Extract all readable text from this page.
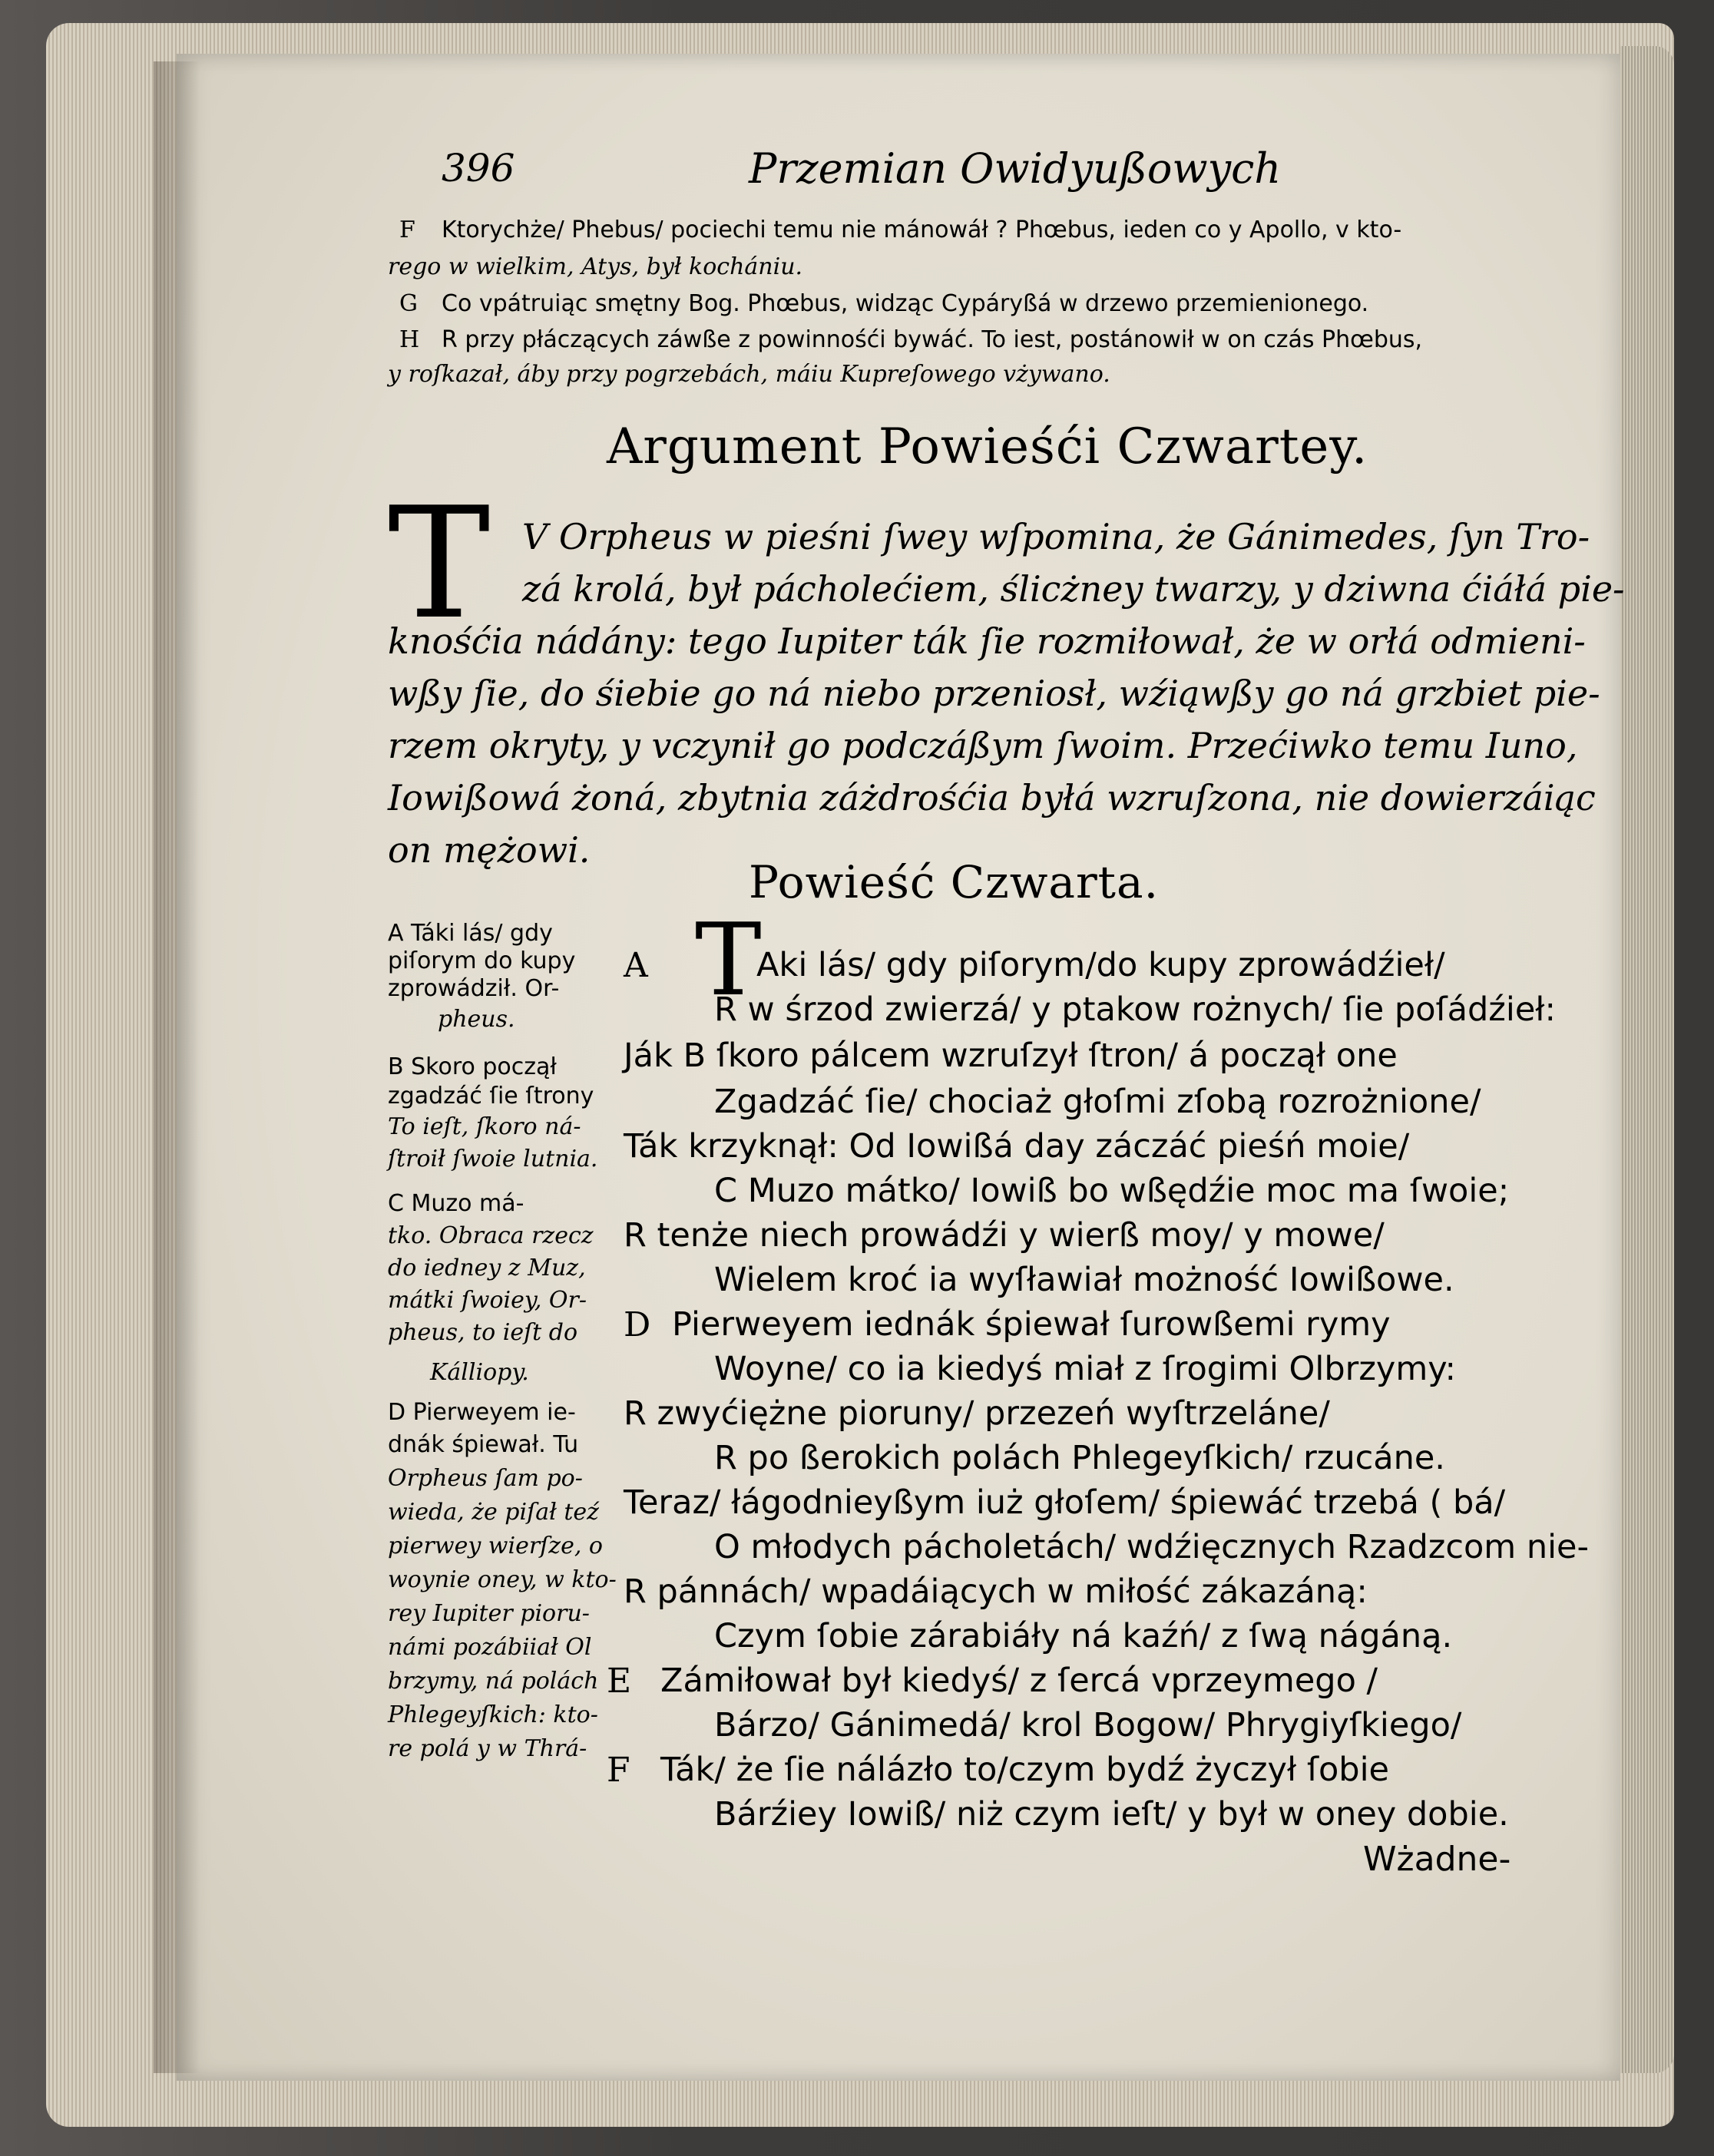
396	Przemian Owidyußowych
F Ktorychże/ Phebus/ pociechi temu nie mánowáł ? Phœbus, ieden co y Apollo, v kto-
rego w wielkim, Atys, był kochániu.
G Co vpátruiąc smętny Bog. Phœbus, widząc Cypáryßá w drzewo przemienionego.
H R przy płáczących záwße z powinnośći bywáć. To iest, postánowił w on czás Phœbus,
y roſkazał, áby przy pogrzebách, máiu Kupreſowego vżywano.
Argument Powieśći Czwartey.
T V Orpheus w pieśni ſwey wſpomina, że Gánimedes, ſyn Tro-
zá krolá, był pácholećiem, ślicżney twarzy, y dziwna ćiáłá pie-
knośćia nádány: tego Iupiter ták ſie rozmiłował, że w orłá odmieni-
wßy ſie, do śiebie go ná niebo przeniosł, wźiąwßy go ná grzbiet pie-
rzem okryty, y vczynił go podczáßym ſwoim. Przećiwko temu Iuno,
Iowißowá żoná, zbytnia záżdrośćia byłá wzruſzona, nie dowierzáiąc
on mężowi.
Powieść Czwarta.
A Táki lás/ gdy
piſorym do kupy
zprowádził. Or-
pheus.
B Skoro począł
zgadzáć ſie ſtrony
To ieſt, ſkoro ná-
ſtroił ſwoie lutnia.
C Muzo má-
tko. Obraca rzecz
do iedney z Muz,
mátki ſwoiey, Or-
pheus, to ieſt do
Kálliopy.
D Pierweyem ie-
dnák śpiewał. Tu
Orpheus ſam po-
wieda, że piſał teź
pierwey wierſze, o
woynie oney, w kto-
rey Iupiter pioru-
námi pozábiiał Ol
brzymy, ná polách
Phlegeyſkich: kto-
re polá y w Thrá-
T
A	Aki lás/ gdy piſorym/do kupy zprowádźieł/
R w śrzod zwierzá/ y ptakow rożnych/ ſie poſádźieł:
Ják B ſkoro pálcem wzruſzył ſtron/ á począł one
Zgadzáć ſie/ chociaż głoſmi zſobą rozrożnione/
Ták krzyknął: Od Iowißá day záczáć pieśń moie/
C Muzo mátko/ Iowiß bo wßędźie moc ma ſwoie;
R tenże niech prowádźi y wierß moy/ y mowe/
Wielem kroć ia wyſławiał możność Iowißowe.
D Pierweyem iednák śpiewał ſurowßemi rymy
Woyne/ co ia kiedyś miał z ſrogimi Olbrzymy:
R zwyćiężne pioruny/ przezeń wyſtrzeláne/
R po ßerokich polách Phlegeyſkich/ rzucáne.
Teraz/ łágodnieyßym iuż głoſem/ śpiewáć trzebá ( bá/
O młodych pácholetách/ wdźięcznych Rzadzcom nie-
R pánnách/ wpadáiących w miłość zákazáną:
Czym ſobie zárabiáły ná kaźń/ z ſwą nágáną.
E Zámiłował był kiedyś/ z ſercá vprzeymego /
Bárzo/ Gánimedá/ krol Bogow/ Phrygiyſkiego/
F Ták/ że ſie nálázło to/czym bydź życzył ſobie
Bárźiey Iowiß/ niż czym ieſt/ y był w oney dobie.
Wżadne-
